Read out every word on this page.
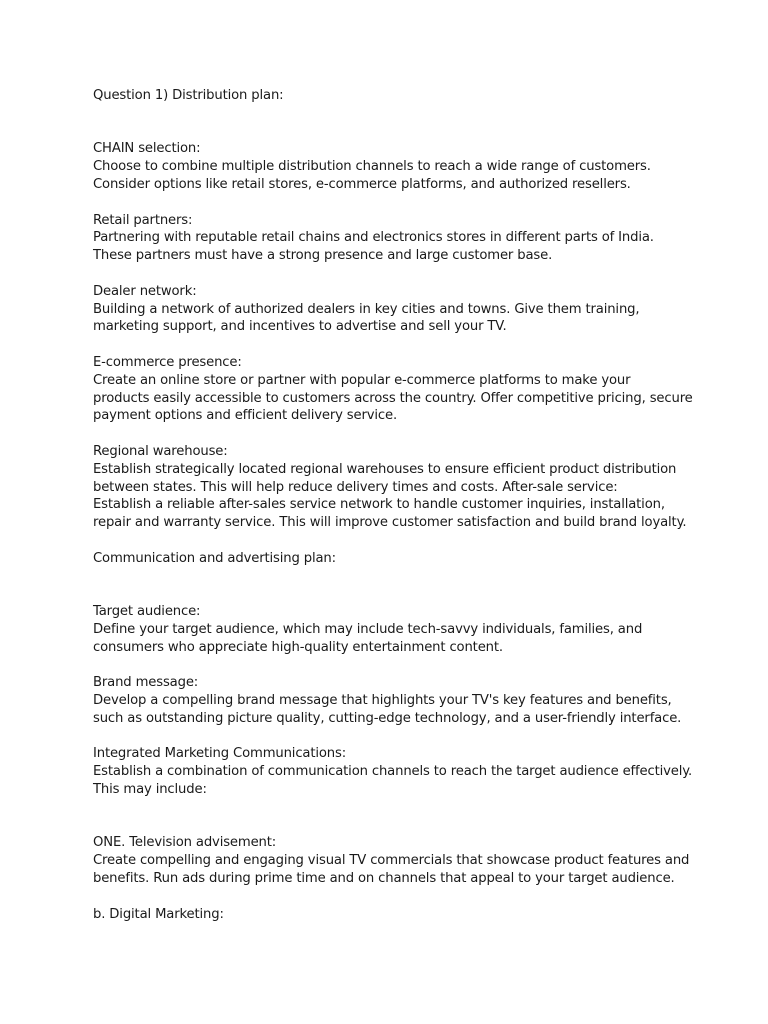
Question 1) Distribution plan:
CHAIN selection:
Choose to combine multiple distribution channels to reach a wide range of customers.
Consider options like retail stores, e-commerce platforms, and authorized resellers.
Retail partners:
Partnering with reputable retail chains and electronics stores in different parts of India.
These partners must have a strong presence and large customer base.
Dealer network:
Building a network of authorized dealers in key cities and towns. Give them training,
marketing support, and incentives to advertise and sell your TV.
E-commerce presence:
Create an online store or partner with popular e-commerce platforms to make your
products easily accessible to customers across the country. Offer competitive pricing, secure
payment options and efficient delivery service.
Regional warehouse:
Establish strategically located regional warehouses to ensure efficient product distribution
between states. This will help reduce delivery times and costs. After-sale service:
Establish a reliable after-sales service network to handle customer inquiries, installation,
repair and warranty service. This will improve customer satisfaction and build brand loyalty.
Communication and advertising plan:
Target audience:
Define your target audience, which may include tech-savvy individuals, families, and
consumers who appreciate high-quality entertainment content.
Brand message:
Develop a compelling brand message that highlights your TV's key features and benefits,
such as outstanding picture quality, cutting-edge technology, and a user-friendly interface.
Integrated Marketing Communications:
Establish a combination of communication channels to reach the target audience effectively.
This may include:
ONE. Television advisement:
Create compelling and engaging visual TV commercials that showcase product features and
benefits. Run ads during prime time and on channels that appeal to your target audience.
b. Digital Marketing:
